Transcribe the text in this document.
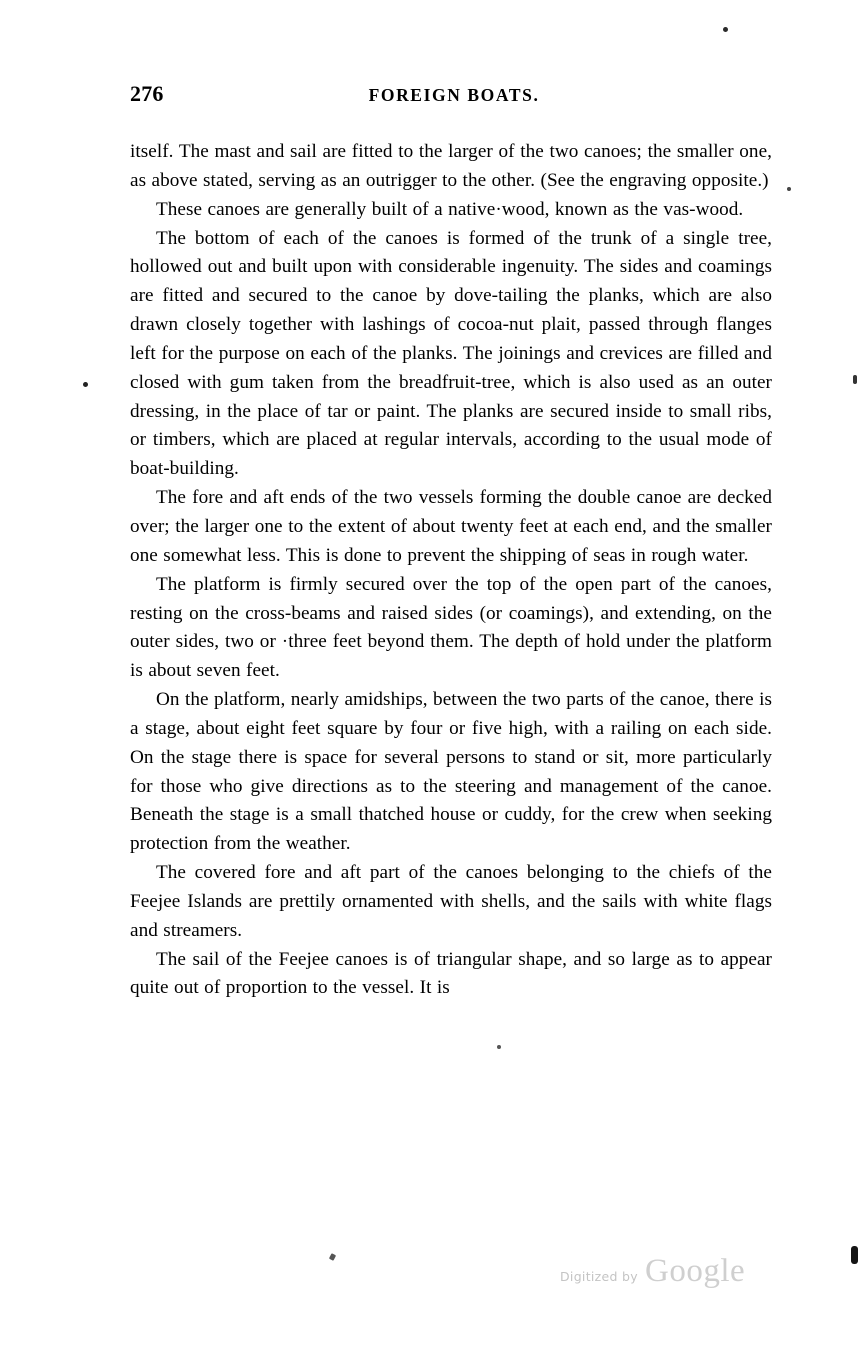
276	FOREIGN BOATS.

itself. The mast and sail are fitted to the larger of the two canoes; the smaller one, as above stated, serving as an outrigger to the other. (See the engraving opposite.)

These canoes are generally built of a native·wood, known as the vas-wood.

The bottom of each of the canoes is formed of the trunk of a single tree, hollowed out and built upon with considerable ingenuity. The sides and coamings are fitted and secured to the canoe by dove-tailing the planks, which are also drawn closely together with lashings of cocoa-nut plait, passed through flanges left for the purpose on each of the planks. The joinings and crevices are filled and closed with gum taken from the breadfruit-tree, which is also used as an outer dressing, in the place of tar or paint. The planks are secured inside to small ribs, or timbers, which are placed at regular intervals, according to the usual mode of boat-building.

The fore and aft ends of the two vessels forming the double canoe are decked over; the larger one to the extent of about twenty feet at each end, and the smaller one somewhat less. This is done to prevent the shipping of seas in rough water.

The platform is firmly secured over the top of the open part of the canoes, resting on the cross-beams and raised sides (or coamings), and extending, on the outer sides, two or ·three feet beyond them. The depth of hold under the platform is about seven feet.

On the platform, nearly amidships, between the two parts of the canoe, there is a stage, about eight feet square by four or five high, with a railing on each side. On the stage there is space for several persons to stand or sit, more particularly for those who give directions as to the steering and management of the canoe. Beneath the stage is a small thatched house or cuddy, for the crew when seeking protection from the weather.

The covered fore and aft part of the canoes belonging to the chiefs of the Feejee Islands are prettily ornamented with shells, and the sails with white flags and streamers.

The sail of the Feejee canoes is of triangular shape, and so large as to appear quite out of proportion to the vessel. It is

Digitized by Google
